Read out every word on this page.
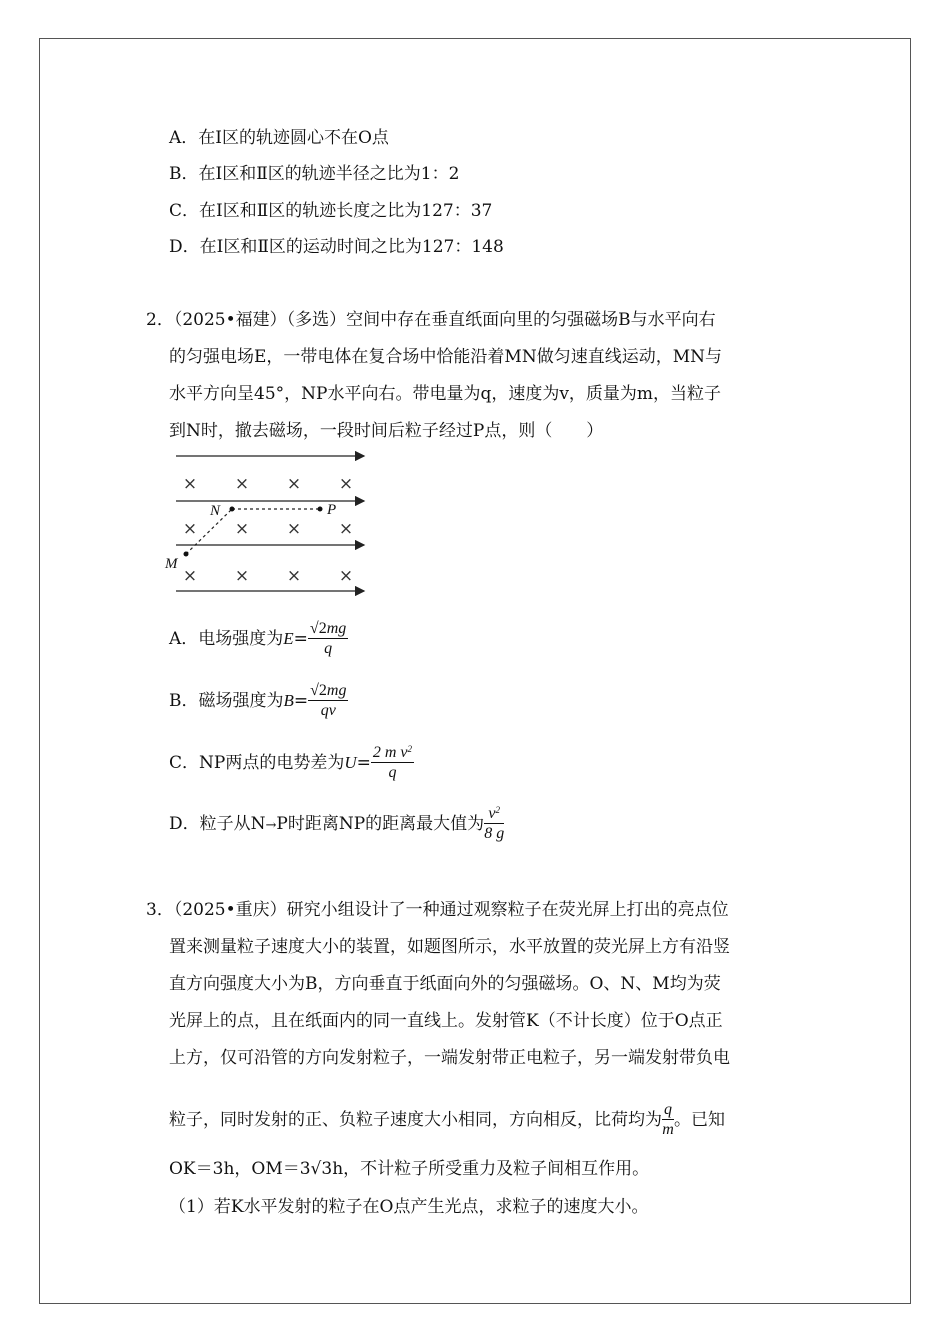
A．在Ⅰ区的轨迹圆心不在O点
B．在Ⅰ区和Ⅱ区的轨迹半径之比为1：2
C．在Ⅰ区和Ⅱ区的轨迹长度之比为127：37
D．在Ⅰ区和Ⅱ区的运动时间之比为127：148
2．（2025•福建）（多选）空间中存在垂直纸面向里的匀强磁场B与水平向右
的匀强电场E，一带电体在复合场中恰能沿着MN做匀速直线运动，MN与
水平方向呈45°，NP水平向右。带电量为q，速度为v，质量为m，当粒子
到N时，撤去磁场，一段时间后粒子经过P点，则（　　）
× × × ×
× × × ×
× × × ×
N	P
M
A．电场强度为$E= \frac{√2mg}{q}$
B．磁场强度为$B= \frac{√2mg}{qv}$
C．NP两点的电势差为$U= \frac{2 m v^2}{q}$
D．粒子从N→P时距离NP的距离最大值为 $\frac{v^2}{8 g}$
3．（2025•重庆）研究小组设计了一种通过观察粒子在荧光屏上打出的亮点位
置来测量粒子速度大小的装置，如题图所示，水平放置的荧光屏上方有沿竖
直方向强度大小为B，方向垂直于纸面向外的匀强磁场。O、N、M均为荧
光屏上的点，且在纸面内的同一直线上。发射管K（不计长度）位于O点正
上方，仅可沿管的方向发射粒子，一端发射带正电粒子，另一端发射带负电
粒子，同时发射的正、负粒子速度大小相同，方向相反，比荷均为 $\frac{q}{m}$ 。已知
OK＝3h，OM＝3√3h，不计粒子所受重力及粒子间相互作用。
（1）若K水平发射的粒子在O点产生光点，求粒子的速度大小。
